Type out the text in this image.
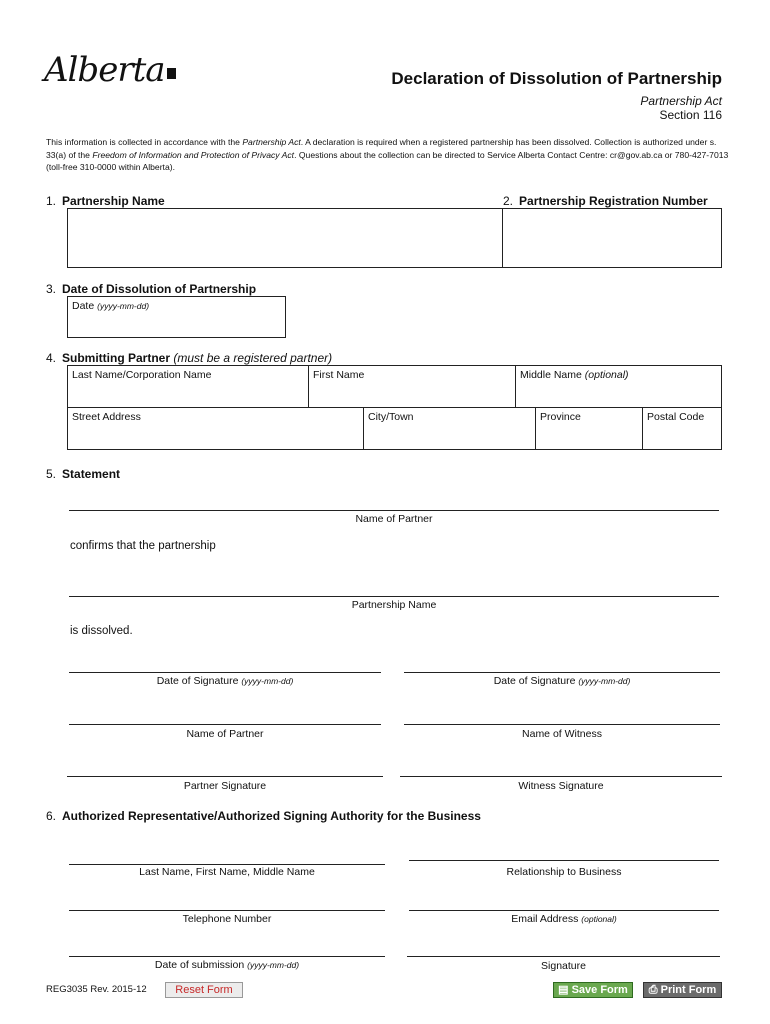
Alberta	Declaration of Dissolution of Partnership
Partnership Act
Section 116
This information is collected in accordance with the Partnership Act. A declaration is required when a registered partnership has been dissolved. Collection is authorized under s. 33(a) of the Freedom of Information and Protection of Privacy Act. Questions about the collection can be directed to Service Alberta Contact Centre: cr@gov.ab.ca or 780-427-7013 (toll-free 310-0000 within Alberta).
1. Partnership Name	2. Partnership Registration Number
3. Date of Dissolution of Partnership
Date (yyyy-mm-dd)
4. Submitting Partner (must be a registered partner)
Last Name/Corporation Name	First Name	Middle Name (optional)
Street Address	City/Town	Province	Postal Code
5. Statement
Name of Partner
confirms that the partnership
Partnership Name
is dissolved.
Date of Signature (yyyy-mm-dd)	Date of Signature (yyyy-mm-dd)
Name of Partner	Name of Witness
Partner Signature	Witness Signature
6. Authorized Representative/Authorized Signing Authority for the Business
Last Name, First Name, Middle Name	Relationship to Business
Telephone Number	Email Address (optional)
Date of submission (yyyy-mm-dd)	Signature
REG3035 Rev. 2015-12	Reset Form	▤ Save Form	⎙ Print Form
